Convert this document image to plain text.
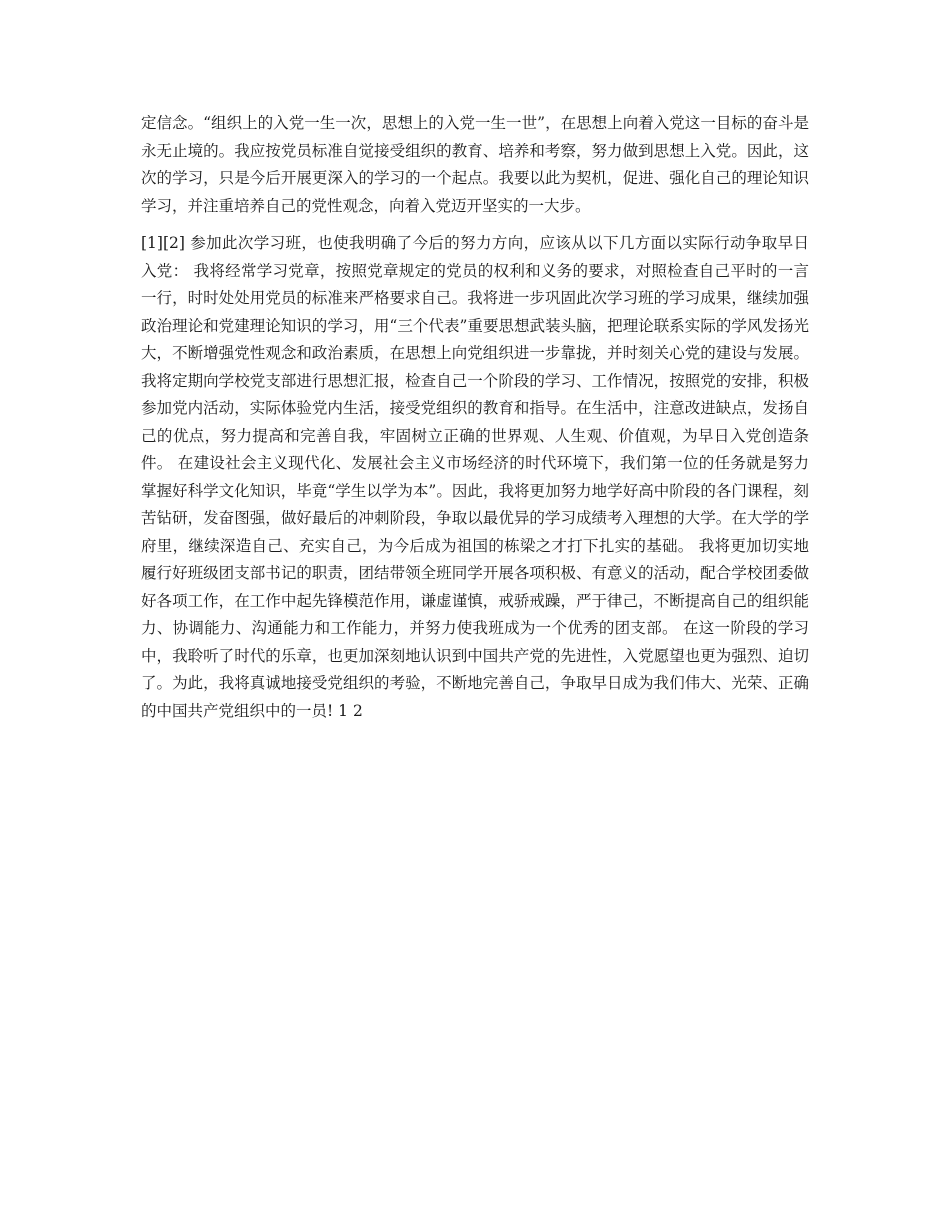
定信念。“组织上的入党一生一次，思想上的入党一生一世”，在思想上向着入党这一目标的奋斗是永无止境的。我应按党员标准自觉接受组织的教育、培养和考察，努力做到思想上入党。因此，这次的学习，只是今后开展更深入的学习的一个起点。我要以此为契机，促进、强化自己的理论知识学习，并注重培养自己的党性观念，向着入党迈开坚实的一大步。

[1][2] 参加此次学习班，也使我明确了今后的努力方向，应该从以下几方面以实际行动争取早日入党： 我将经常学习党章，按照党章规定的党员的权利和义务的要求，对照检查自己平时的一言一行，时时处处用党员的标准来严格要求自己。我将进一步巩固此次学习班的学习成果，继续加强政治理论和党建理论知识的学习，用“三个代表”重要思想武装头脑，把理论联系实际的学风发扬光大，不断增强党性观念和政治素质，在思想上向党组织进一步靠拢，并时刻关心党的建设与发展。 我将定期向学校党支部进行思想汇报，检查自己一个阶段的学习、工作情况，按照党的安排，积极参加党内活动，实际体验党内生活，接受党组织的教育和指导。在生活中，注意改进缺点，发扬自己的优点，努力提高和完善自我，牢固树立正确的世界观、人生观、价值观，为早日入党创造条件。 在建设社会主义现代化、发展社会主义市场经济的时代环境下，我们第一位的任务就是努力掌握好科学文化知识，毕竟“学生以学为本”。因此，我将更加努力地学好高中阶段的各门课程，刻苦钻研，发奋图强，做好最后的冲刺阶段，争取以最优异的学习成绩考入理想的大学。在大学的学府里，继续深造自己、充实自己，为今后成为祖国的栋梁之才打下扎实的基础。 我将更加切实地履行好班级团支部书记的职责，团结带领全班同学开展各项积极、有意义的活动，配合学校团委做好各项工作，在工作中起先锋模范作用，谦虚谨慎，戒骄戒躁，严于律己，不断提高自己的组织能力、协调能力、沟通能力和工作能力，并努力使我班成为一个优秀的团支部。 在这一阶段的学习中，我聆听了时代的乐章，也更加深刻地认识到中国共产党的先进性，入党愿望也更为强烈、迫切了。为此，我将真诚地接受党组织的考验，不断地完善自己，争取早日成为我们伟大、光荣、正确的中国共产党组织中的一员! 1 2
